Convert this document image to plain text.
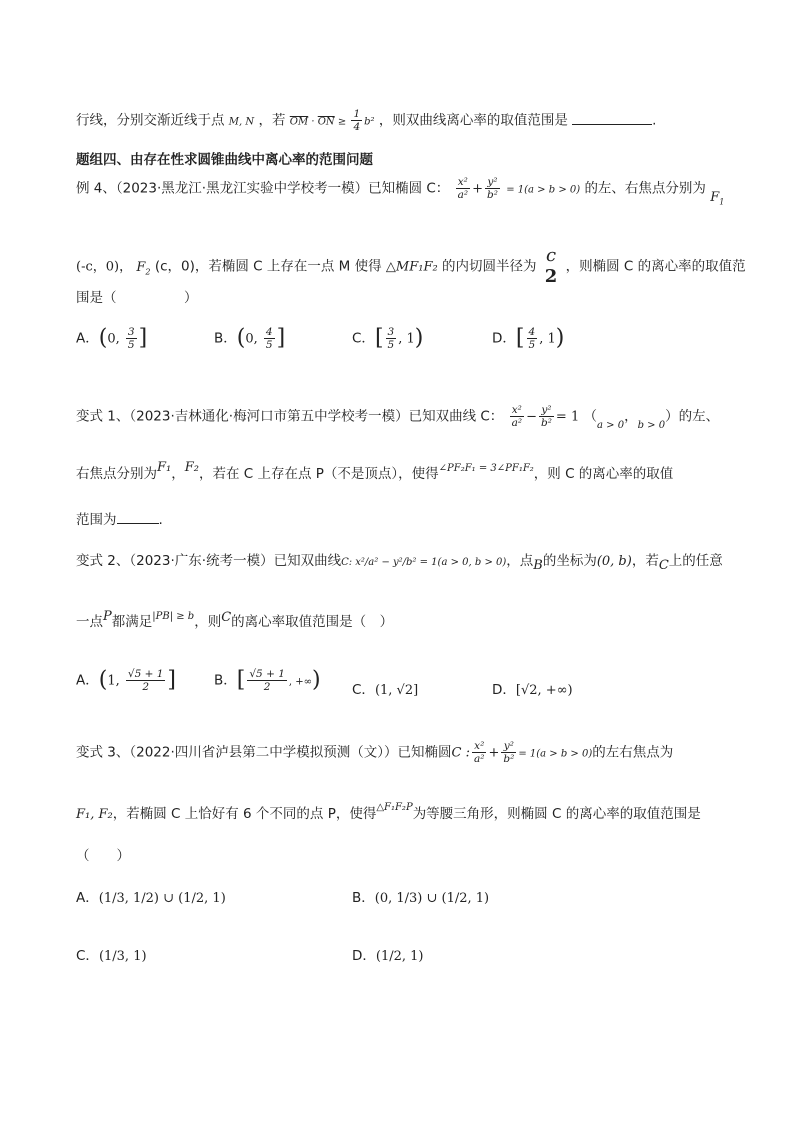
行线，分别交渐近线于点 M, N ，若 $\overline{OM} \cdot \overline{ON} \ge \frac{1}{4} b^2$ ，则双曲线离心率的取值范围是	.
题组四、由存在性求圆锥曲线中离心率的范围问题
例 4、（2023·黑龙江·黑龙江实验中学校考一模）已知椭圆 C： $\frac{\text{x²}}{\text{a²}} + \frac{\text{y²}}{\text{b²}} = 1(a > b > 0)$ 的左、右焦点分别为 $F_1$
(-c，0)， $F_2$ (c，0)，若椭圆 C 上存在一点 M 使得 △MF₁F₂ 的内切圆半径为
c
2 ，则椭圆 C 的离心率的取值范
围是（　　　　　）
A．(0, $\frac{3}{5}$ ]	B．(0, $\frac{4}{5}$ ]	C．[ $\frac{3}{5}$ , 1)	D．[ $\frac{4}{5}$ , 1)
变式 1、（2023·吉林通化·梅河口市第五中学校考一模）已知双曲线 C： $\frac{\text{x²}}{\text{a²}} - \frac{\text{y²}}{\text{b²}} = 1$ （$_{a > 0}$，$_{b > 0}$）的左、
右焦点分别为F₁，F₂，若在 C 上存在点 P（不是顶点），使得$^{\angle PF_2F_1 = 3\angle PF_1F_2}$，则 C 的离心率的取值
范围为	.
变式 2、（2023·广东·统考一模）已知双曲线C: x²/a² − y²/b² = 1(a > 0, b > 0)，点B的坐标为(0, b)，若C上的任意
一点P都满足$^{|PB| \ge b}$，则C的离心率取值范围是（　）
A．(1, $\frac{√5 + 1}{2}$ ]	B．[ $\frac{√5 + 1}{2}$ , +∞) C．(1, √2]	D．[√2, +∞)
变式 3、（2022·四川省泸县第二中学模拟预测（文））已知椭圆C : $\frac{\text{x²}}{\text{a²}} + \frac{\text{y²}}{\text{b²}} = 1(a > b > 0)$的左右焦点为
F₁, F₂，若椭圆 C 上恰好有 6 个不同的点 P，使得$^{\triangle F_1F_2P}$为等腰三角形，则椭圆 C 的离心率的取值范围是
（　　）
A．(1/3, 1/2) ∪ (1/2, 1)	B．(0, 1/3) ∪ (1/2, 1)
C．(1/3, 1)	D．(1/2, 1)
